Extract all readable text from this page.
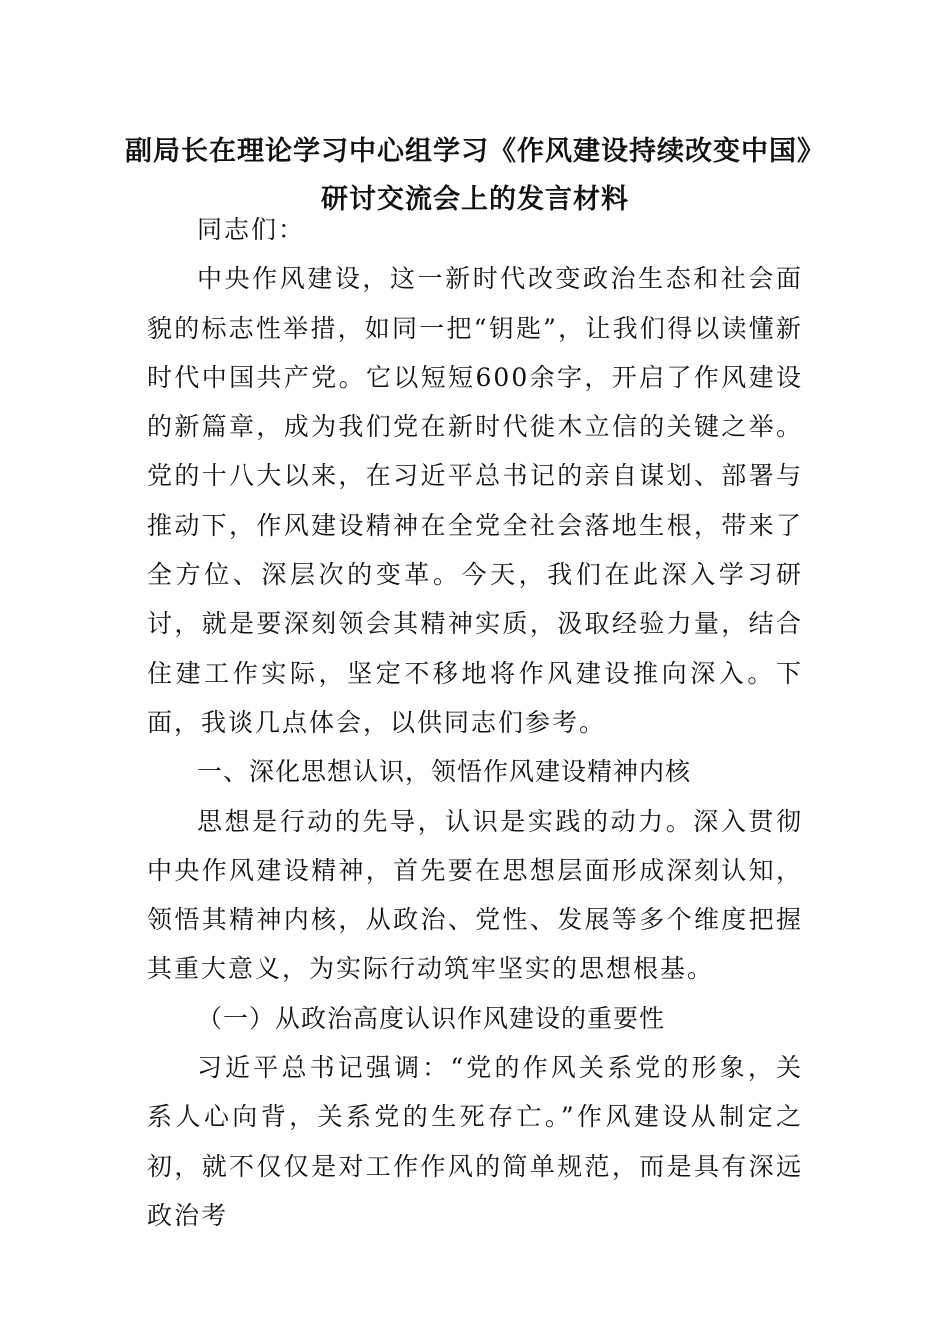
副局长在理论学习中心组学习《作风建设持续改变中国》
研讨交流会上的发言材料

同志们：

中央作风建设，这一新时代改变政治生态和社会面貌的标志性举措，如同一把“钥匙”，让我们得以读懂新时代中国共产党。它以短短600余字，开启了作风建设的新篇章，成为我们党在新时代徙木立信的关键之举。党的十八大以来，在习近平总书记的亲自谋划、部署与推动下，作风建设精神在全党全社会落地生根，带来了全方位、深层次的变革。今天，我们在此深入学习研讨，就是要深刻领会其精神实质，汲取经验力量，结合住建工作实际，坚定不移地将作风建设推向深入。下面，我谈几点体会，以供同志们参考。

一、深化思想认识，领悟作风建设精神内核

思想是行动的先导，认识是实践的动力。深入贯彻中央作风建设精神，首先要在思想层面形成深刻认知，领悟其精神内核，从政治、党性、发展等多个维度把握其重大意义，为实际行动筑牢坚实的思想根基。

（一）从政治高度认识作风建设的重要性

习近平总书记强调：“党的作风关系党的形象，关系人心向背，关系党的生死存亡。”作风建设从制定之初，就不仅仅是对工作作风的简单规范，而是具有深远政治考
